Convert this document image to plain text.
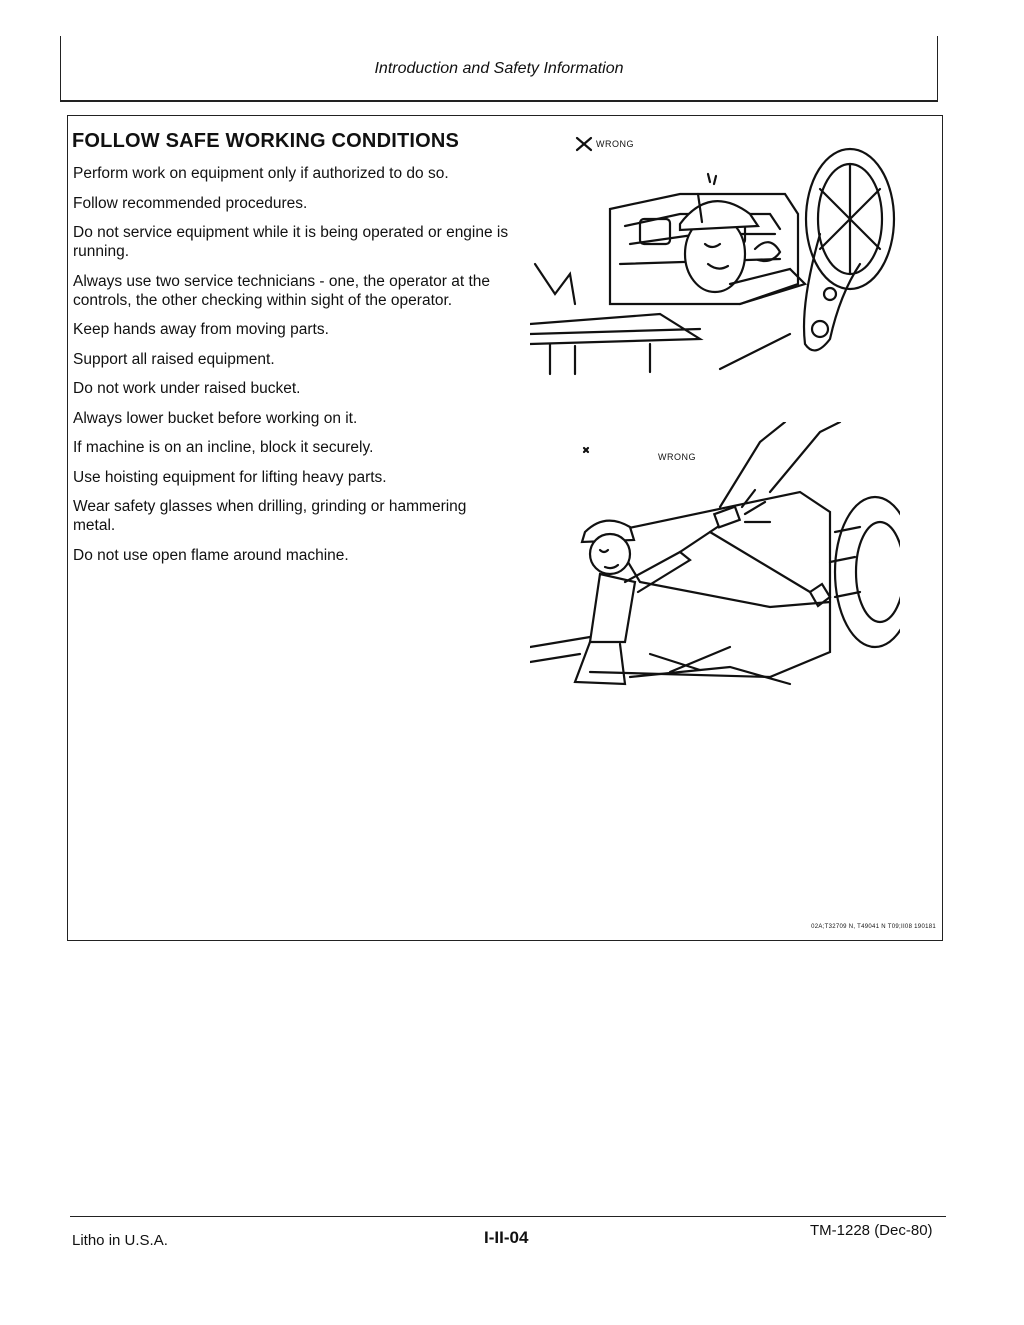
Introduction and Safety Information
FOLLOW SAFE WORKING CONDITIONS
Perform work on equipment only if authorized to do so.
Follow recommended procedures.
Do not service equipment while it is being operated or engine is running.
Always use two service technicians - one, the operator at the controls, the other checking within sight of the operator.
Keep hands away from moving parts.
Support all raised equipment.
Do not work under raised bucket.
Always lower bucket before working on it.
If machine is on an incline, block it securely.
Use hoisting equipment for lifting heavy parts.
Wear safety glasses when drilling, grinding or hammering metal.
Do not use open flame around machine.
WRONG
WRONG
02A;T32709 N, T49041 N T09;II08 190181
Litho in U.S.A.	I-II-04	TM-1228 (Dec-80)
